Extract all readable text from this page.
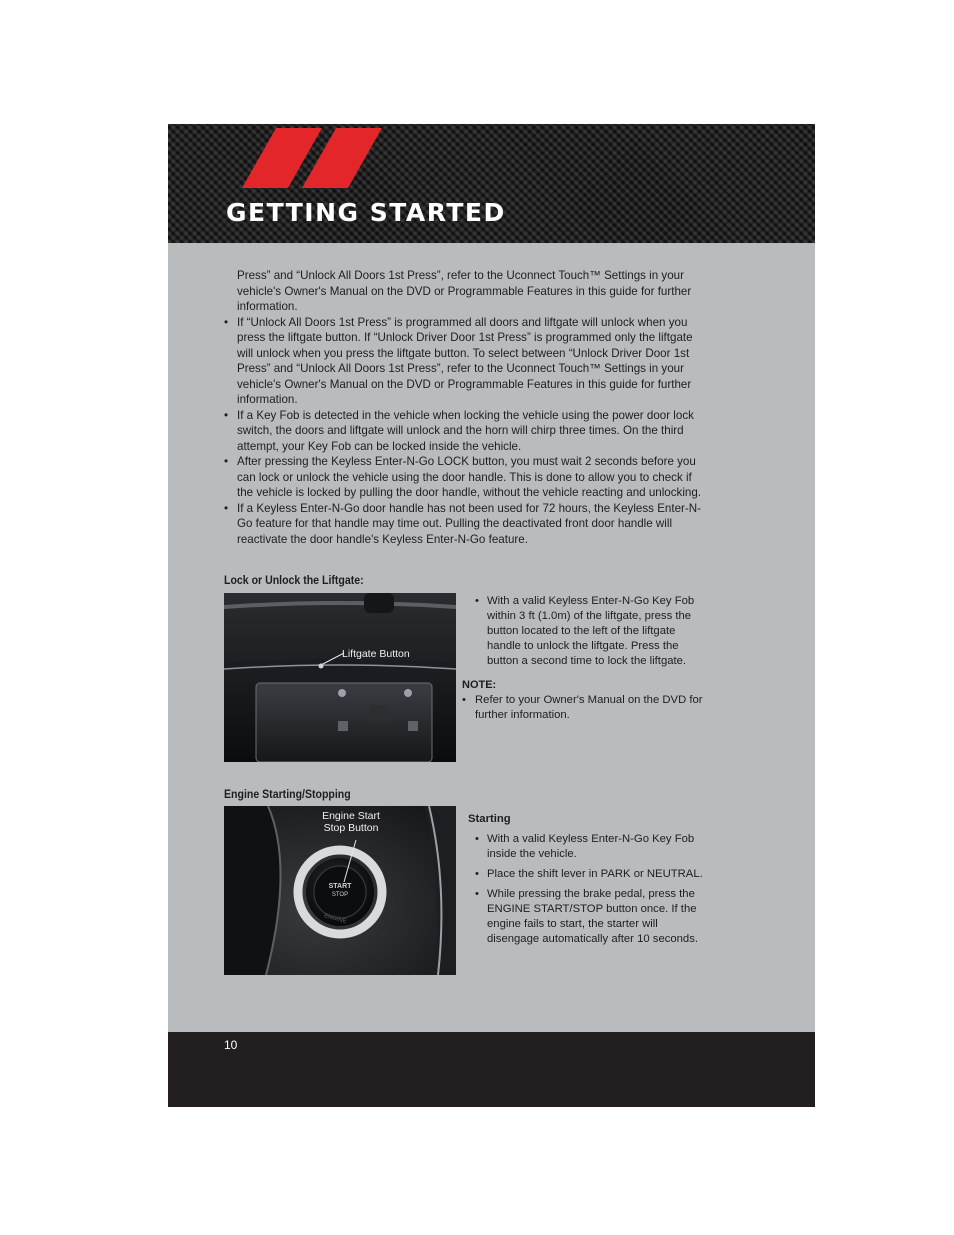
GETTING STARTED

Press” and “Unlock All Doors 1st Press”, refer to the Uconnect Touch™ Settings in your vehicle's Owner's Manual on the DVD or Programmable Features in this guide for further information.

• If “Unlock All Doors 1st Press” is programmed all doors and liftgate will unlock when you press the liftgate button. If “Unlock Driver Door 1st Press” is programmed only the liftgate will unlock when you press the liftgate button. To select between “Unlock Driver Door 1st Press” and “Unlock All Doors 1st Press”, refer to the Uconnect Touch™ Settings in your vehicle's Owner's Manual on the DVD or Programmable Features in this guide for further information.
• If a Key Fob is detected in the vehicle when locking the vehicle using the power door lock switch, the doors and liftgate will unlock and the horn will chirp three times. On the third attempt, your Key Fob can be locked inside the vehicle.
• After pressing the Keyless Enter-N-Go LOCK button, you must wait 2 seconds before you can lock or unlock the vehicle using the door handle. This is done to allow you to check if the vehicle is locked by pulling the door handle, without the vehicle reacting and unlocking.
• If a Keyless Enter-N-Go door handle has not been used for 72 hours, the Keyless Enter-N-Go feature for that handle may time out. Pulling the deactivated front door handle will reactivate the door handle's Keyless Enter-N-Go feature.
Lock or Unlock the Liftgate:
Liftgate Button
• With a valid Keyless Enter-N-Go Key Fob within 3 ft (1.0m) of the liftgate, press the button located to the left of the liftgate handle to unlock the liftgate. Press the button a second time to lock the liftgate.

NOTE:

• Refer to your Owner's Manual on the DVD for further information.
Engine Starting/Stopping
START
STOP
ENGINE
Engine Start
Stop Button

Starting

• With a valid Keyless Enter-N-Go Key Fob inside the vehicle.
• Place the shift lever in PARK or NEUTRAL.
• While pressing the brake pedal, press the ENGINE START/STOP button once. If the engine fails to start, the starter will disengage automatically after 10 seconds.
10
